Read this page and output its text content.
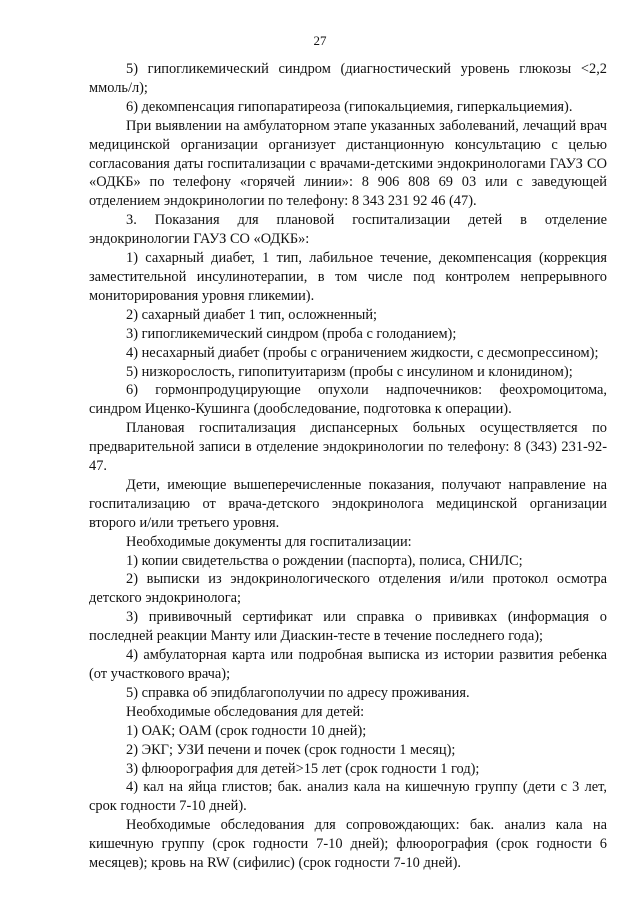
27

5) гипогликемический синдром (диагностический уровень глюкозы <2,2 ммоль/л);

6) декомпенсация гипопаратиреоза (гипокальциемия, гиперкальциемия).

При выявлении на амбулаторном этапе указанных заболеваний, лечащий врач медицинской организации организует дистанционную консультацию с целью согласования даты госпитализации с врачами-детскими эндокринологами ГАУЗ СО «ОДКБ» по телефону «горячей линии»: 8 906 808 69 03 или с заведующей отделением эндокринологии по телефону: 8 343 231 92 46 (47).

3. Показания для плановой госпитализации детей в отделение эндокринологии ГАУЗ СО «ОДКБ»:

1) сахарный диабет, 1 тип, лабильное течение, декомпенсация (коррекция заместительной инсулинотерапии, в том числе под контролем непрерывного мониторирования уровня гликемии).

2) сахарный диабет 1 тип, осложненный;

3) гипогликемический синдром (проба с голоданием);

4) несахарный диабет (пробы с ограничением жидкости, с десмопрессином);

5) низкорослость, гипопитуитаризм (пробы с инсулином и клонидином);

6) гормонпродуцирующие опухоли надпочечников: феохромоцитома, синдром Иценко-Кушинга (дообследование, подготовка к операции).

Плановая госпитализация диспансерных больных осуществляется по предварительной записи в отделение эндокринологии по телефону: 8 (343) 231-92-47.

Дети, имеющие вышеперечисленные показания, получают направление на госпитализацию от врача-детского эндокринолога медицинской организации второго и/или третьего уровня.

Необходимые документы для госпитализации:

1) копии свидетельства о рождении (паспорта), полиса, СНИЛС;

2) выписки из эндокринологического отделения и/или протокол осмотра детского эндокринолога;

3) прививочный сертификат или справка о прививках (информация о последней реакции Манту или Диаскин-тесте в течение последнего года);

4) амбулаторная карта или подробная выписка из истории развития ребенка (от участкового врача);

5) справка об эпидблагополучии по адресу проживания.

Необходимые обследования для детей:

1) ОАК; ОАМ (срок годности 10 дней);

2) ЭКГ; УЗИ печени и почек (срок годности 1 месяц);

3) флюорография для детей>15 лет (срок годности 1 год);

4) кал на яйца глистов; бак. анализ кала на кишечную группу (дети с 3 лет, срок годности 7-10 дней).

Необходимые обследования для сопровождающих: бак. анализ кала на кишечную группу (срок годности 7-10 дней); флюорография (срок годности 6 месяцев); кровь на RW (сифилис) (срок годности 7-10 дней).
